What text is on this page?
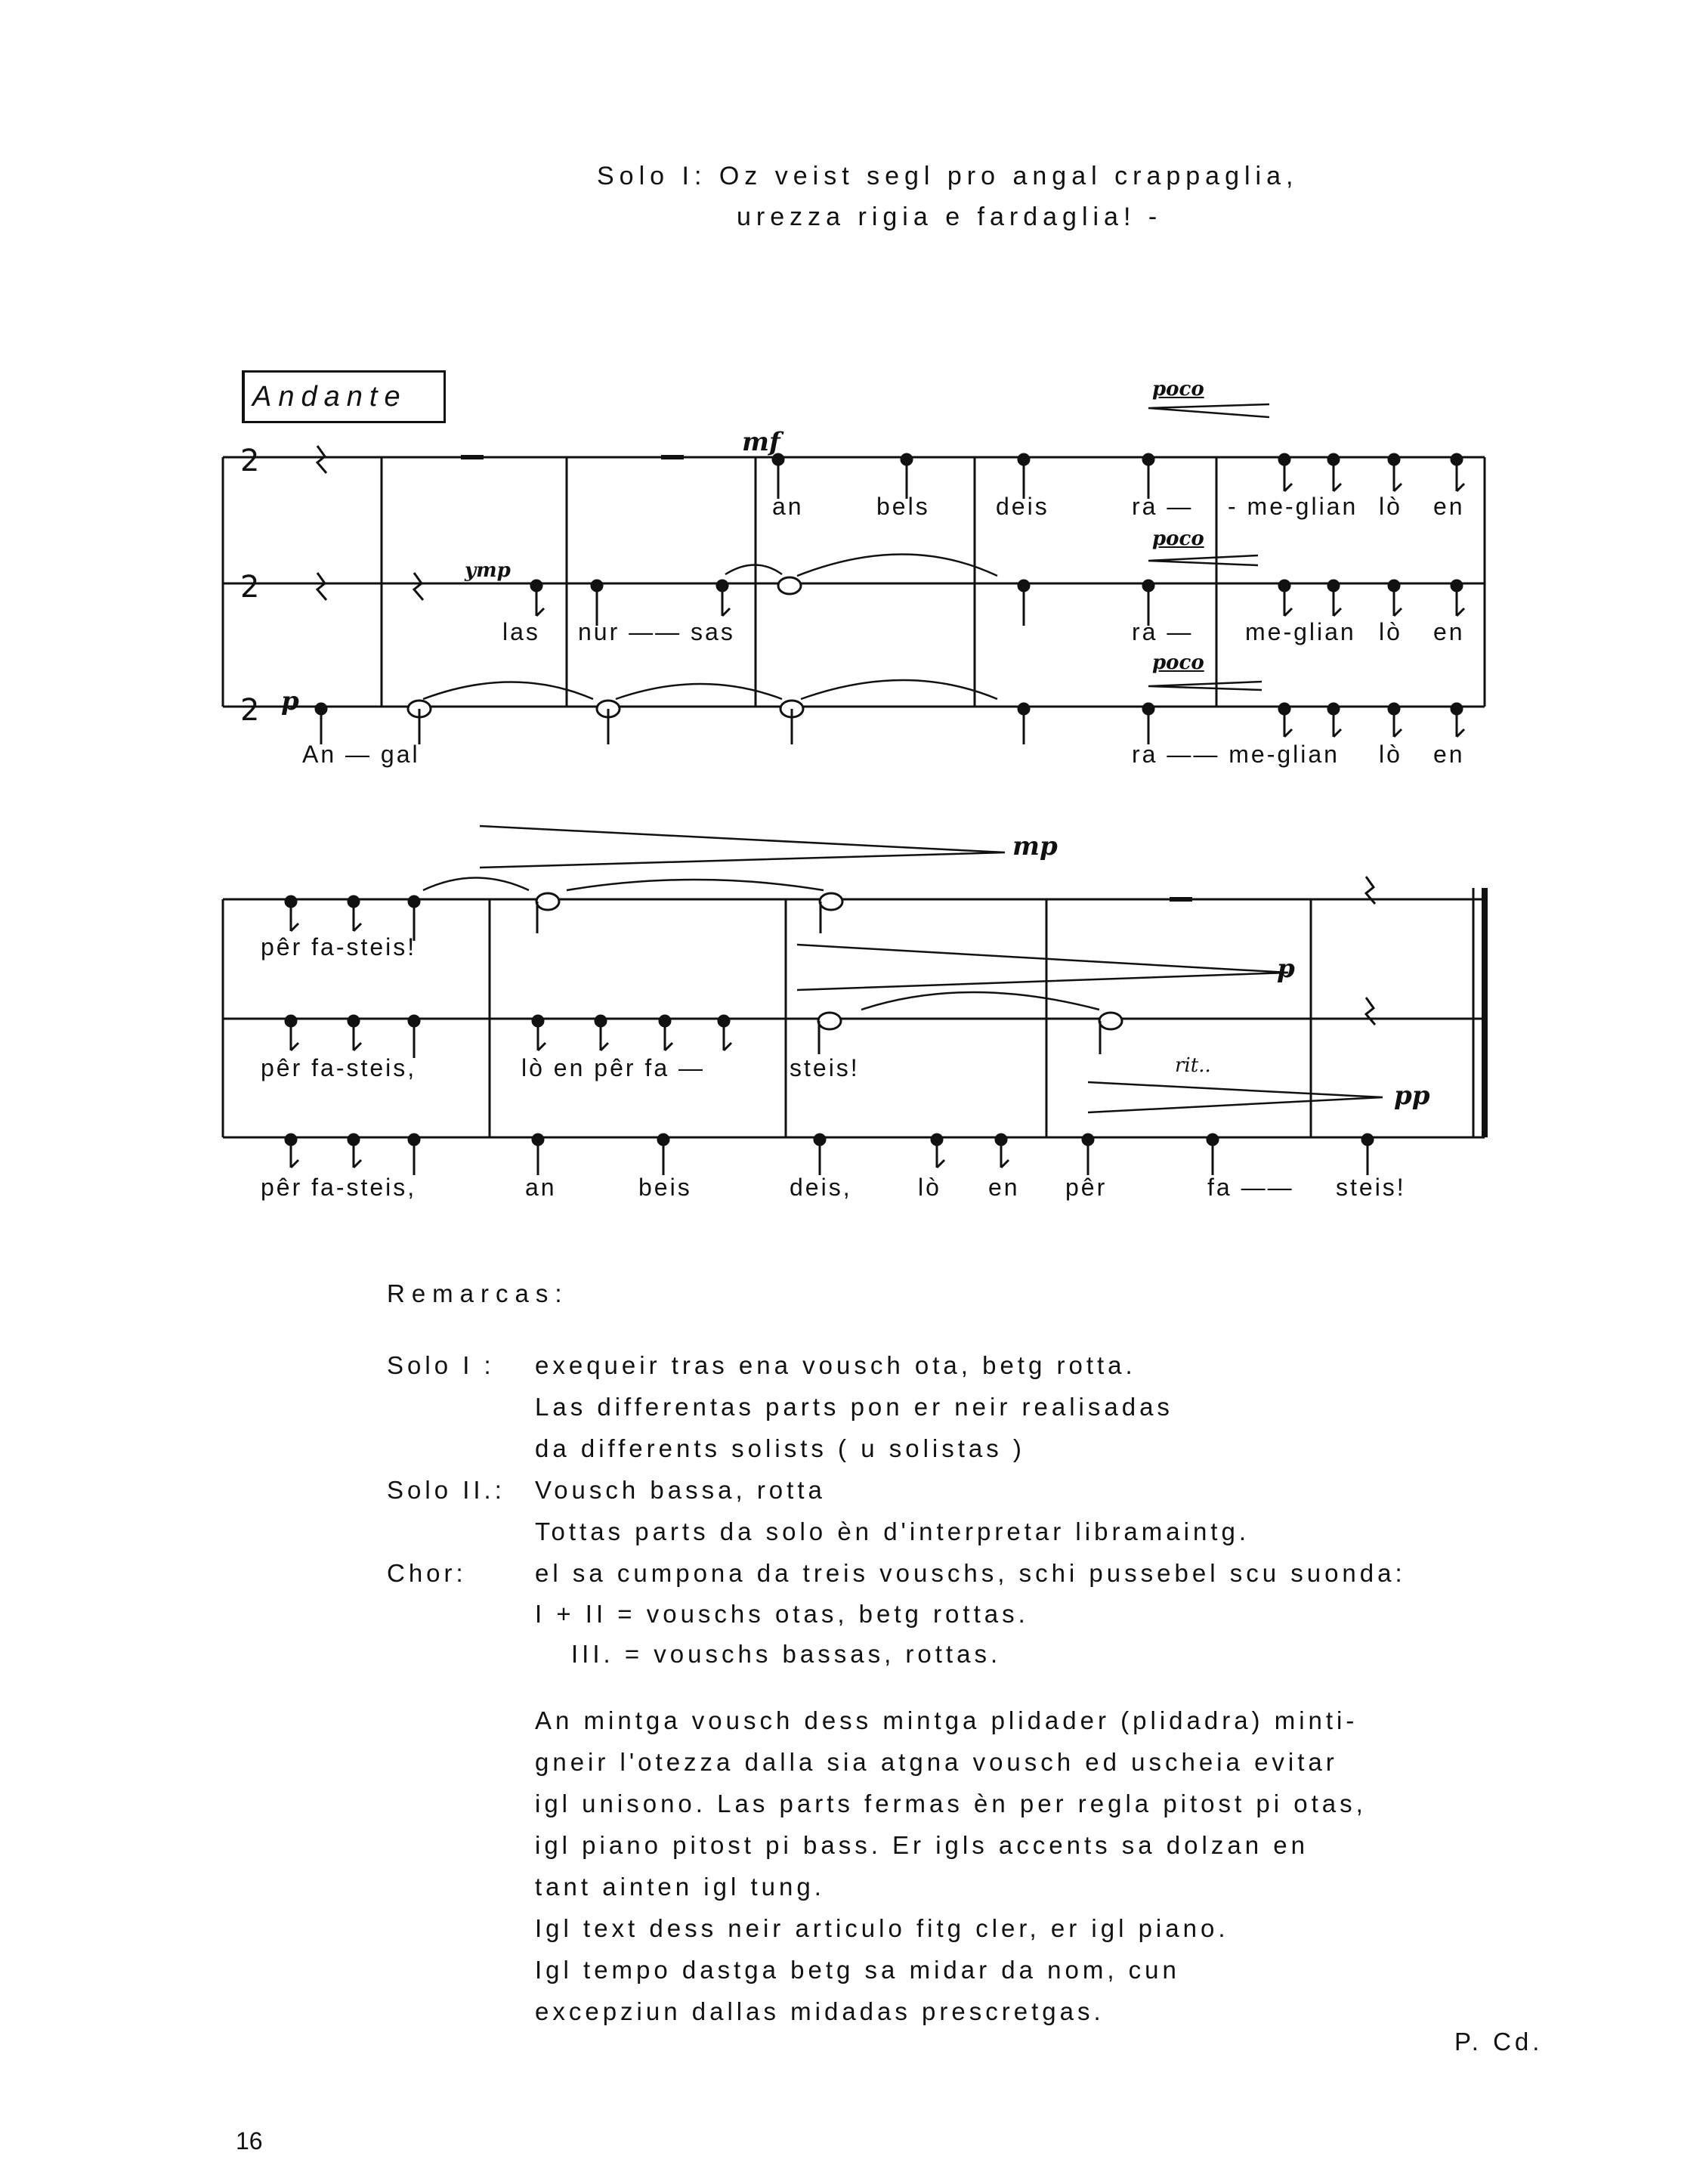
Solo I: Oz veist segl pro angal crappaglia,
urezza rigia e fardaglia! -
Andante
2
2
2
mf
ymp
p
poco
poco
poco
an	bels	deis	ra — - me-glian lò en
las nur —— sas	ra — me-glian lò en
An — gal	ra —— me-glian lò en
mp
p
rit..
pp
pêr fa-steis!
pêr fa-steis,	lò en pêr fa —	steis!
pêr fa-steis,	an	beis	deis,	lò en pêr	fa —— steis!
Remarcas:
Solo I : exequeir tras ena vousch ota, betg rotta.
Las differentas parts pon er neir realisadas
da differents solists ( u solistas )
Solo II.: Vousch bassa, rotta
Tottas parts da solo èn d'interpretar libramaintg.
Chor:	el sa cumpona da treis vouschs, schi pussebel scu suonda:
I + II = vouschs otas, betg rottas.
III. = vouschs bassas, rottas.
An mintga vousch dess mintga plidader (plidadra) minti-
gneir l'otezza dalla sia atgna vousch ed uscheia evitar
igl unisono. Las parts fermas èn per regla pitost pi otas,
igl piano pitost pi bass. Er igls accents sa dolzan en
tant ainten igl tung.
Igl text dess neir articulo fitg cler, er igl piano.
Igl tempo dastga betg sa midar da nom, cun
excepziun dallas midadas prescretgas.
P. Cd.
16
